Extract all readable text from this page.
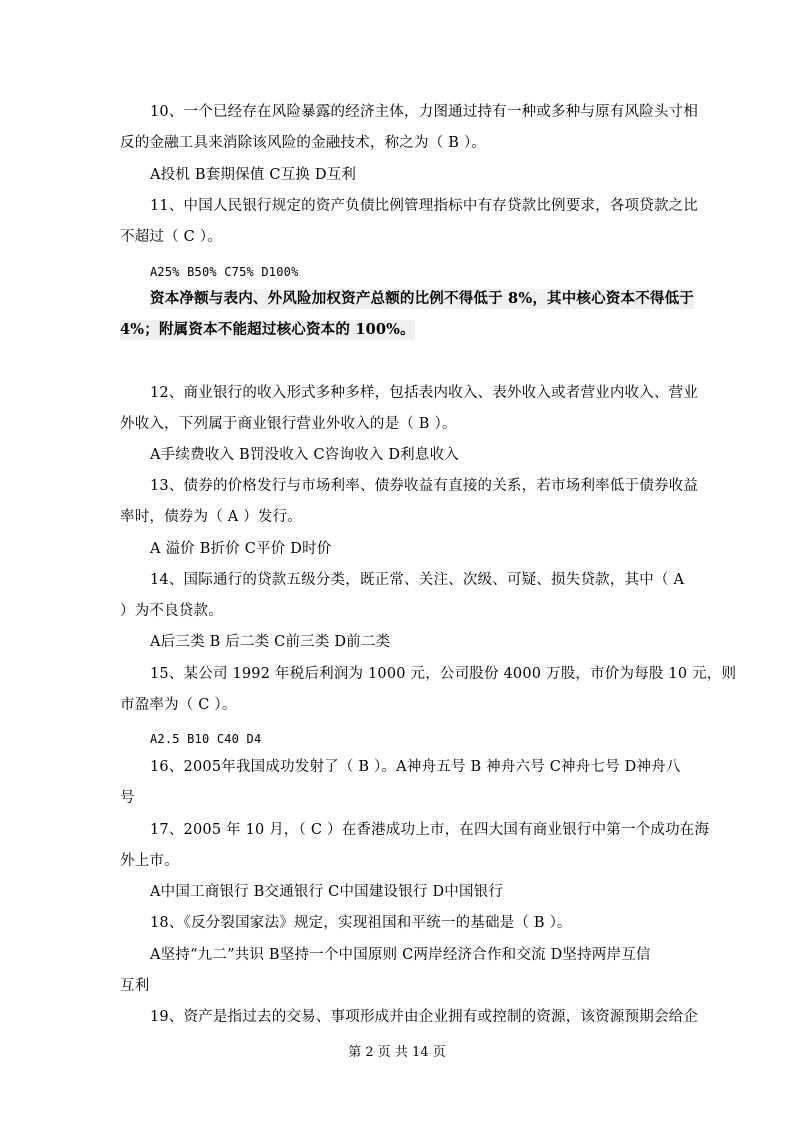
10、一个已经存在风险暴露的经济主体，力图通过持有一种或多种与原有风险头寸相
反的金融工具来消除该风险的金融技术，称之为（ B ）。
A投机 B套期保值 C互换 D互利
11、中国人民银行规定的资产负债比例管理指标中有存贷款比例要求，各项贷款之比
不超过（ C ）。
A25% B50% C75% D100%
资本净额与表内、外风险加权资产总额的比例不得低于 8%，其中核心资本不得低于
4%；附属资本不能超过核心资本的 100%。
12、商业银行的收入形式多种多样，包括表内收入、表外收入或者营业内收入、营业
外收入，下列属于商业银行营业外收入的是（ B ）。
A手续费收入 B罚没收入 C咨询收入 D利息收入
13、债券的价格发行与市场利率、债券收益有直接的关系，若市场利率低于债券收益
率时，债券为（ A ）发行。
A 溢价 B折价 C平价 D时价
14、国际通行的贷款五级分类，既正常、关注、次级、可疑、损失贷款，其中（ A
）为不良贷款。
A后三类 B 后二类 C前三类 D前二类
15、某公司 1992 年税后利润为 1000 元，公司股份 4000 万股，市价为每股 10 元，则
市盈率为（ C ）。
A2.5 B10 C40 D4
16、2005年我国成功发射了（ B ）。A神舟五号 B 神舟六号 C神舟七号 D神舟八
号
17、2005 年 10 月，（ C ）在香港成功上市，在四大国有商业银行中第一个成功在海
外上市。
A中国工商银行 B交通银行 C中国建设银行 D中国银行
18、《反分裂国家法》规定，实现祖国和平统一的基础是（ B ）。
A坚持“九二”共识 B坚持一个中国原则 C两岸经济合作和交流 D坚持两岸互信
互利
19、资产是指过去的交易、事项形成并由企业拥有或控制的资源，该资源预期会给企
第 2 页 共 14 页
